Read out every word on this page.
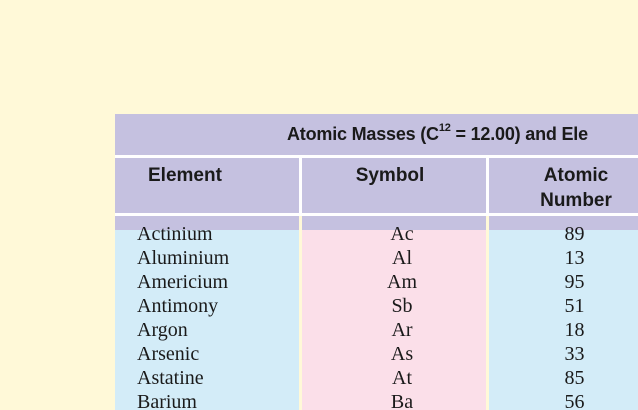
Atomic Masses $(C^{12} = 12.00)$ and Ele
Element	Symbol	Atomic
Number
Actinium	Ac	89
Aluminium	Al	13
Americium	Am	95
Antimony	Sb	51
Argon	Ar	18
Arsenic	As	33
Astatine	At	85
Barium	Ba	56
